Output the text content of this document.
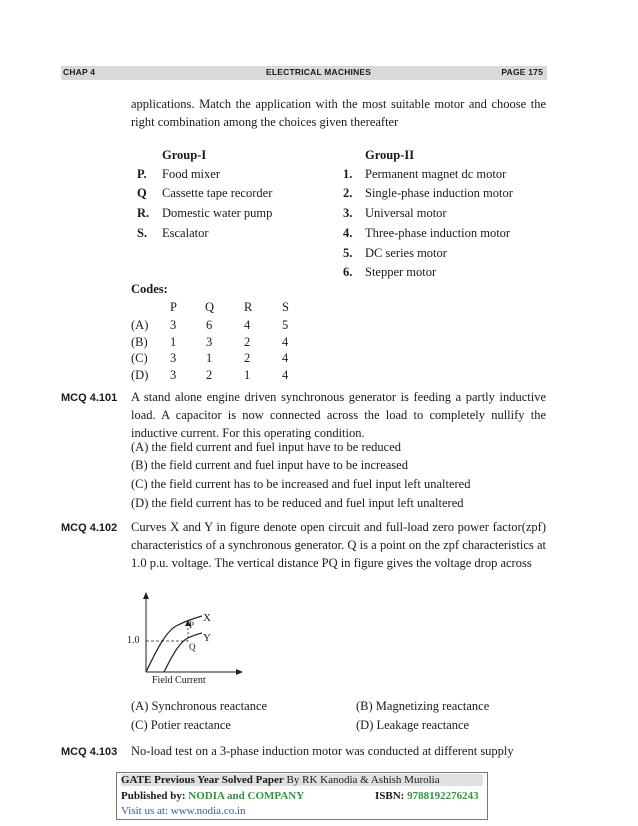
CHAP 4	ELECTRICAL MACHINES	PAGE 175

applications. Match the application with the most suitable motor and choose the right combination among the choices given thereafter

Group-I
P. Food mixer
Q Cassette tape recorder
R. Domestic water pump
S. Escalator
Group-II
1. Permanent magnet dc motor
2. Single-phase induction motor
3. Universal motor
4. Three-phase induction motor
5. DC series motor
6. Stepper motor
Codes:
P Q R S
(A) 3 6	4	5
(B) 1 3	2	4
(C) 3 1	2	4
(D) 3 2	1	4
MCQ 4.101 A stand alone engine driven synchronous generator is feeding a partly inductive load. A capacitor is now connected across the load to completely nullify the inductive current. For this operating condition.

(A) the field current and fuel input have to be reduced
(B) the field current and fuel input have to be increased
(C) the field current has to be increased and fuel input left unaltered
(D) the field current has to be reduced and fuel input left unaltered
MCQ 4.102 Curves X and Y in figure denote open circuit and full-load zero power factor(zpf) characteristics of a synchronous generator. Q is a point on the zpf characteristics at 1.0 p.u. voltage. The vertical distance PQ in figure gives the voltage drop across

X
Y
P
Q
1.0
Field Current
(A) Synchronous reactance	(B) Magnetizing reactance
(C) Potier reactance	(D) Leakage reactance
MCQ 4.103 No-load test on a 3-phase induction motor was conducted at different supply
GATE Previous Year Solved Paper By RK Kanodia & Ashish Murolia
Published by: NODIA and COMPANY	ISBN: 9788192276243
Visit us at: www.nodia.co.in
